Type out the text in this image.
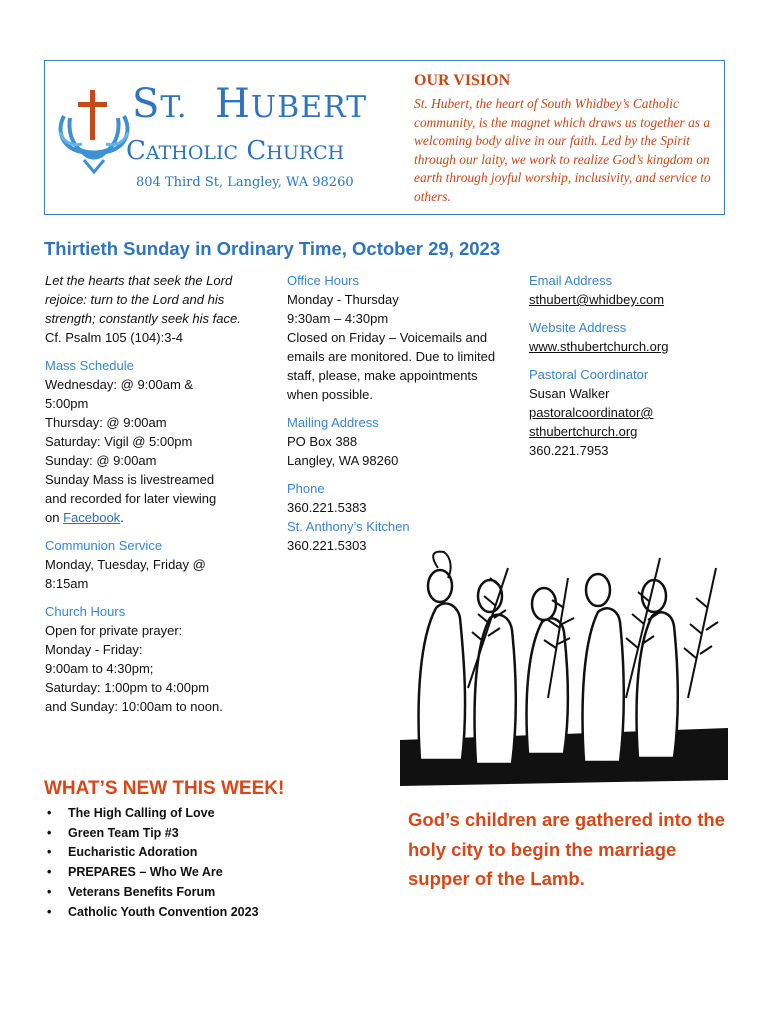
ST. HUBERT
CATHOLIC CHURCH
804 Third St, Langley, WA 98260
OUR VISION
St. Hubert, the heart of South Whidbey’s Catholic community, is the magnet which draws us together as a welcoming body alive in our faith. Led by the Spirit through our laity, we work to realize God’s kingdom on earth through joyful worship, inclusivity, and service to others.
Thirtieth Sunday in Ordinary Time, October 29, 2023
Let the hearts that seek the Lord rejoice: turn to the Lord and his strength; constantly seek his face.
Cf. Psalm 105 (104):3-4
Mass Schedule
Wednesday: @ 9:00am &
5:00pm
Thursday: @ 9:00am
Saturday: Vigil @ 5:00pm
Sunday: @ 9:00am
Sunday Mass is livestreamed
and recorded for later viewing
on Facebook.
Communion Service
Monday, Tuesday, Friday @
8:15am
Church Hours
Open for private prayer:
Monday - Friday:
9:00am to 4:30pm;
Saturday: 1:00pm to 4:00pm
and Sunday: 10:00am to noon.
Office Hours
Monday - Thursday
9:30am – 4:30pm
Closed on Friday – Voicemails and emails are monitored. Due to limited staff, please, make appointments when possible.
Mailing Address
PO Box 388
Langley, WA 98260
Phone
360.221.5383
St. Anthony’s Kitchen
360.221.5303
Email Address
sthubert@whidbey.com
Website Address
www.sthubertchurch.org
Pastoral Coordinator
Susan Walker
pastoralcoordinator@
sthubertchurch.org
360.221.7953
WHAT’S NEW THIS WEEK!
• The High Calling of Love
• Green Team Tip #3
• Eucharistic Adoration
• PREPARES – Who We Are
• Veterans Benefits Forum
• Catholic Youth Convention 2023
God’s children are gathered into the holy city to begin the marriage supper of the Lamb.
